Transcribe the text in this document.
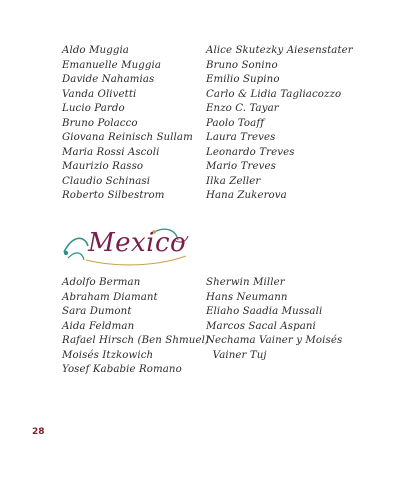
Aldo Muggia
Emanuelle Muggia
Davide Nahamias
Vanda Olivetti
Lucio Pardo
Bruno Polacco
Giovana Reinisch Sullam
Maria Rossi Ascoli
Maurizio Rasso
Claudio Schinasi
Roberto Silbestrom
Alice Skutezky Aiesenstater
Bruno Sonino
Emilio Supino
Carlo & Lidia Tagliacozzo
Enzo C. Tayar
Paolo Toaff
Laura Treves
Leonardo Treves
Mario Treves
Ilka Zeller
Hana Zukerova
Mexico
Adolfo Berman
Abraham Diamant
Sara Dumont
Aida Feldman
Rafael Hirsch (Ben Shmuel)
Moisés Itzkowich
Yosef Kababie Romano
Sherwin Miller
Hans Neumann
Eliaho Saadia Mussali
Marcos Sacal Aspani
Nechama Vainer y Moisés
Vainer Tuj
28
